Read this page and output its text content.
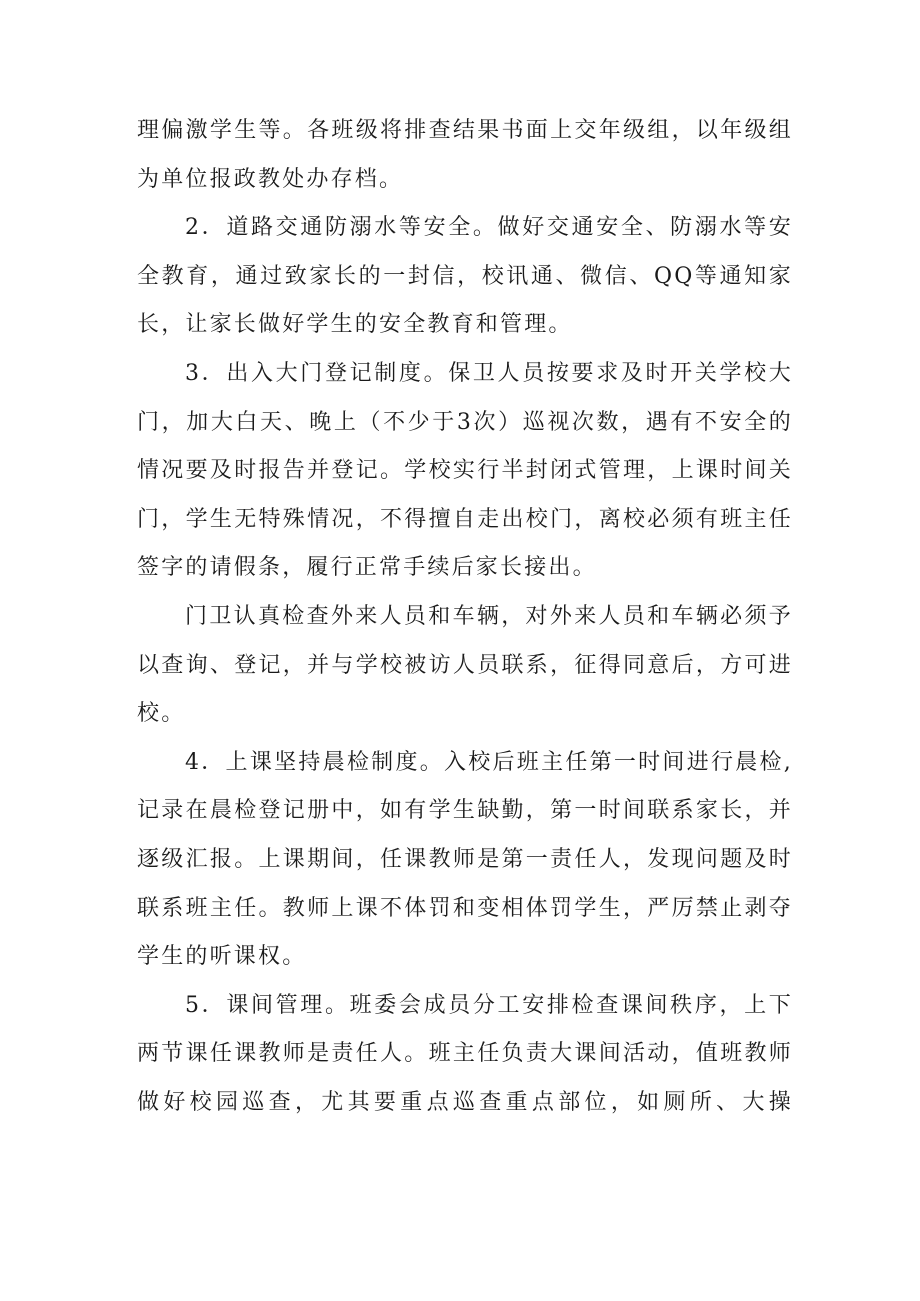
理偏激学生等。各班级将排查结果书面上交年级组，以年级组为单位报政教处办存档。

2．道路交通防溺水等安全。做好交通安全、防溺水等安全教育，通过致家长的一封信，校讯通、微信、QQ等通知家长，让家长做好学生的安全教育和管理。

3．出入大门登记制度。保卫人员按要求及时开关学校大门，加大白天、晚上（不少于3次）巡视次数，遇有不安全的情况要及时报告并登记。学校实行半封闭式管理，上课时间关门，学生无特殊情况，不得擅自走出校门，离校必须有班主任签字的请假条，履行正常手续后家长接出。

门卫认真检查外来人员和车辆，对外来人员和车辆必须予以查询、登记，并与学校被访人员联系，征得同意后，方可进校。

4．上课坚持晨检制度。入校后班主任第一时间进行晨检,记录在晨检登记册中，如有学生缺勤，第一时间联系家长，并逐级汇报。上课期间，任课教师是第一责任人，发现问题及时联系班主任。教师上课不体罚和变相体罚学生，严厉禁止剥夺学生的听课权。

5．课间管理。班委会成员分工安排检查课间秩序，上下两节课任课教师是责任人。班主任负责大课间活动，值班教师做好校园巡查，尤其要重点巡查重点部位，如厕所、大操
